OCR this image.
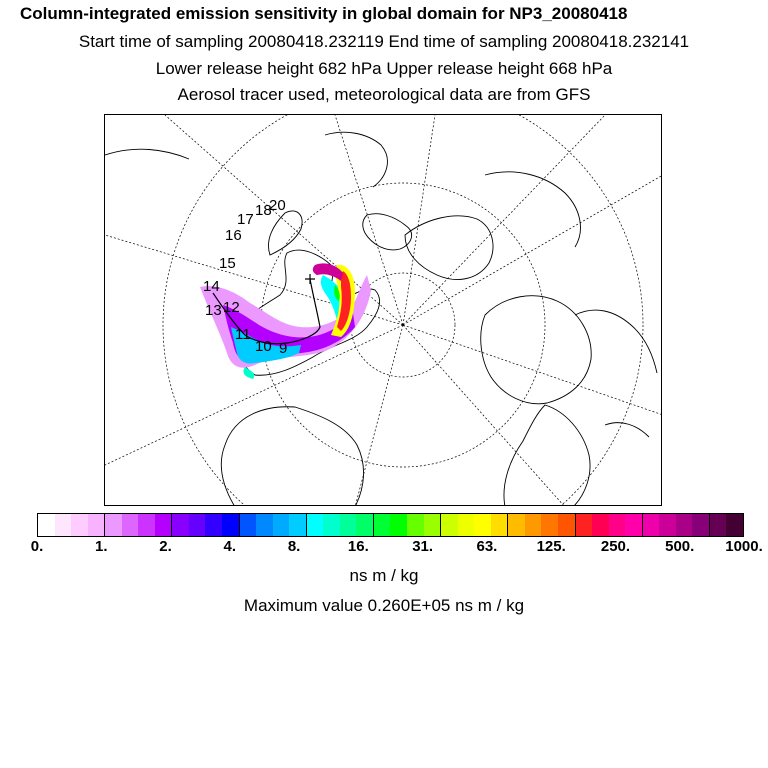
Column-integrated emission sensitivity in global domain for NP3_20080418
Start time of sampling 20080418.232119 End time of sampling 20080418.232141
Lower release height 682 hPa Upper release height 668 hPa
Aerosol tracer used, meteorological data are from GFS
17
18
20
16
15
14
13 12
11
10 9
0.	1.	2.	4.	8.	16.	31.	63.	125. 250. 500. 1000.
ns m / kg
Maximum value 0.260E+05 ns m / kg
